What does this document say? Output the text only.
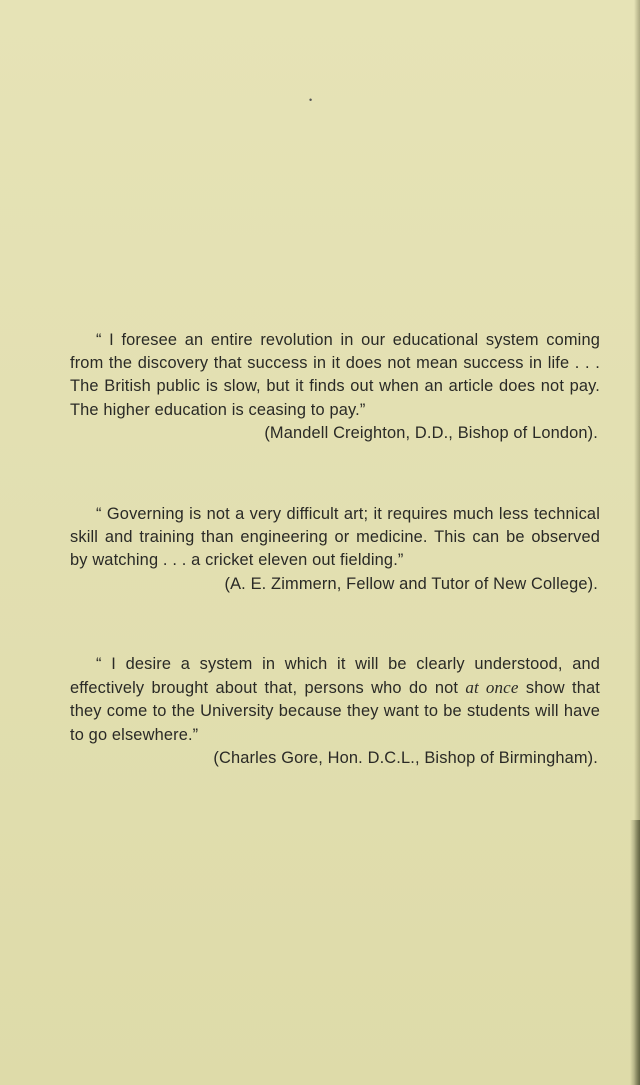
•
“ I foresee an entire revolution in our educational system coming from the discovery that success in it does not mean success in life . . . The British public is slow, but it finds out when an article does not pay. The higher education is ceasing to pay.”
(Mandell Creighton, D.D., Bishop of London).
“ Governing is not a very difficult art; it requires much less technical skill and training than engineering or medicine. This can be observed by watching . . . a cricket eleven out fielding.”
(A. E. Zimmern, Fellow and Tutor of New College).
“ I desire a system in which it will be clearly understood, and effectively brought about that, persons who do not at once show that they come to the University because they want to be students will have to go elsewhere.”
(Charles Gore, Hon. D.C.L., Bishop of Birmingham).
